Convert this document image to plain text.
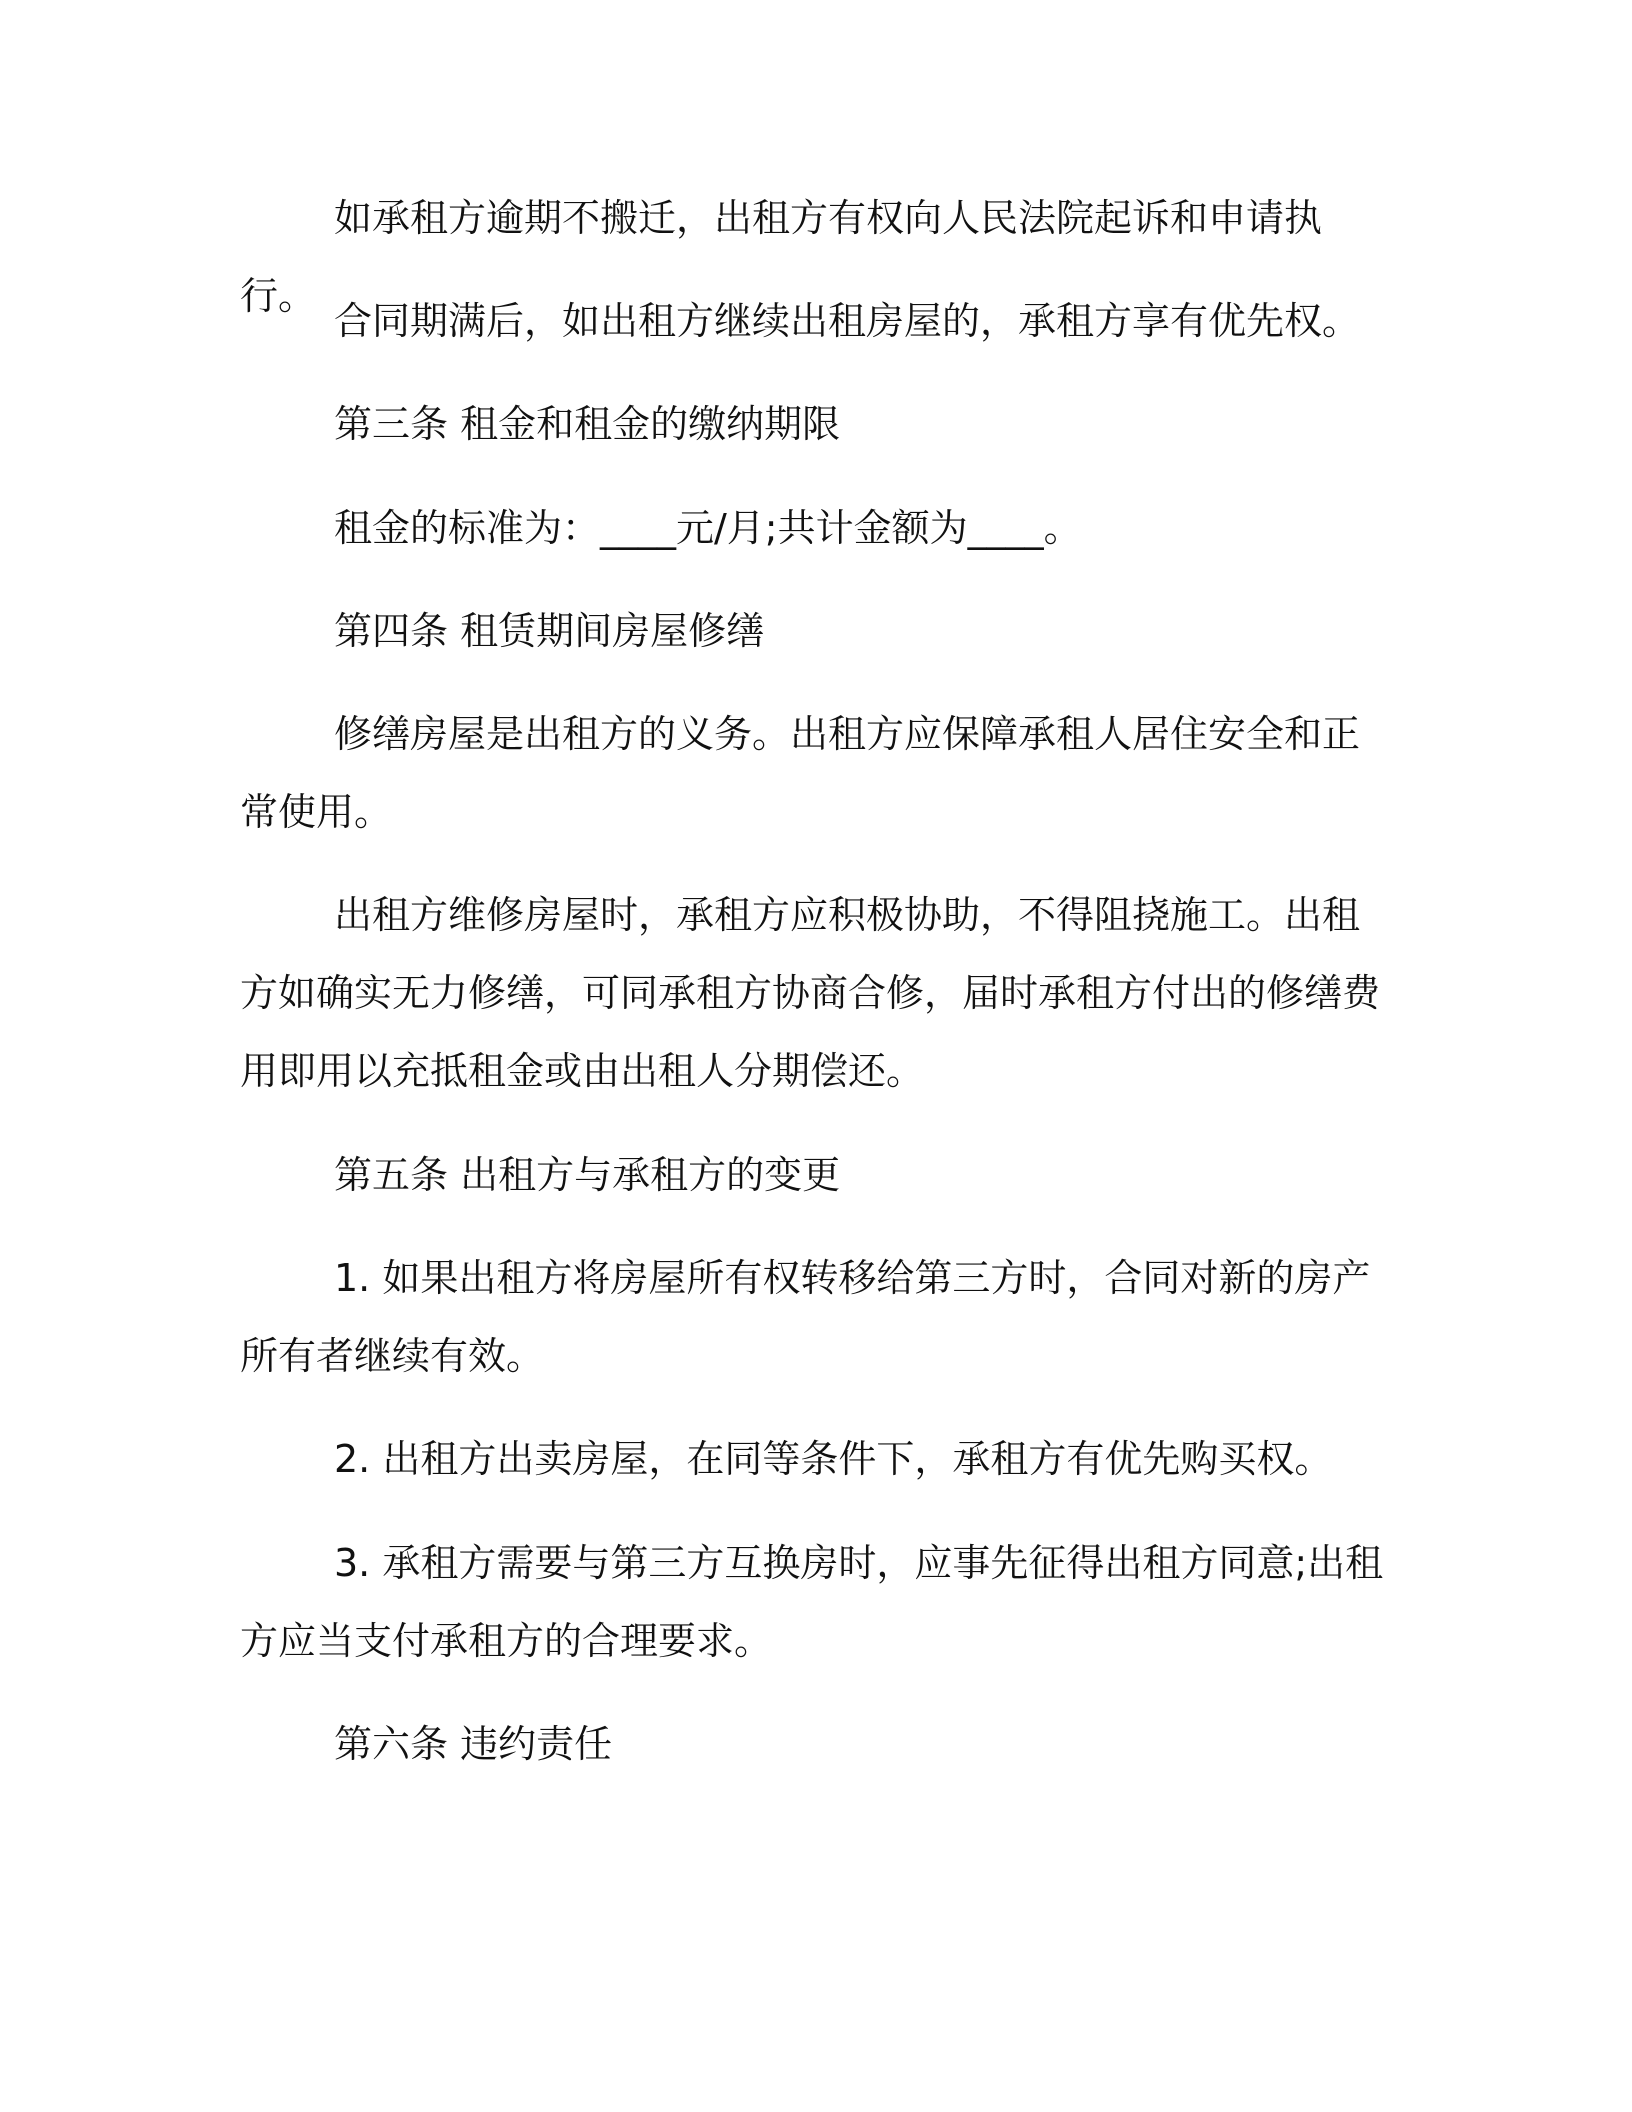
如承租方逾期不搬迁，出租方有权向人民法院起诉和申请执行。

合同期满后，如出租方继续出租房屋的，承租方享有优先权。

第三条 租金和租金的缴纳期限

租金的标准为：____元/月;共计金额为____。

第四条 租赁期间房屋修缮

修缮房屋是出租方的义务。出租方应保障承租人居住安全和正常使用。

出租方维修房屋时，承租方应积极协助，不得阻挠施工。出租方如确实无力修缮，可同承租方协商合修，届时承租方付出的修缮费用即用以充抵租金或由出租人分期偿还。

第五条 出租方与承租方的变更

1. 如果出租方将房屋所有权转移给第三方时，合同对新的房产所有者继续有效。

2. 出租方出卖房屋，在同等条件下，承租方有优先购买权。

3. 承租方需要与第三方互换房时，应事先征得出租方同意;出租方应当支付承租方的合理要求。

第六条 违约责任
